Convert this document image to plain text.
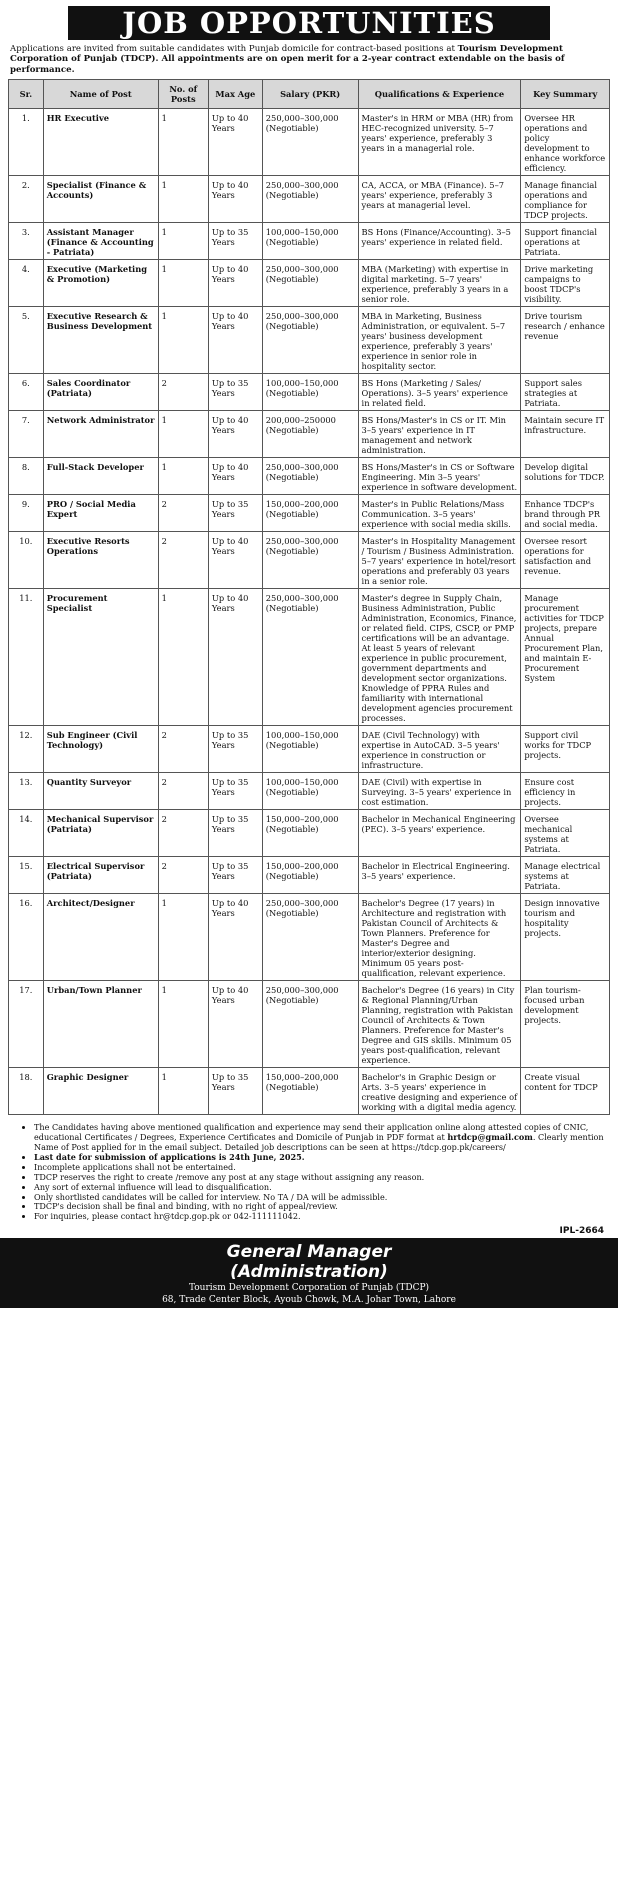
JOB OPPORTUNITIES

Applications are invited from suitable candidates with Punjab domicile for contract-based positions at Tourism Development Corporation of Punjab (TDCP). All appointments are on open merit for a 2-year contract extendable on the basis of performance.

Sr.	Name of Post	No. of Posts	Max Age	Salary (PKR)	Qualifications & Experience	Key Summary
1.	HR Executive	1	Up to 40 Years	250,000–300,000 (Negotiable)	Master's in HRM or MBA (HR) from HEC-recognized university. 5–7 years' experience, preferably 3 years in a managerial role.	Oversee HR operations and policy development to enhance workforce efficiency.
2.	Specialist (Finance & Accounts)	1	Up to 40 Years	250,000–300,000 (Negotiable)	CA, ACCA, or MBA (Finance). 5–7 years' experience, preferably 3 years at managerial level.	Manage financial operations and compliance for TDCP projects.
3.	Assistant Manager (Finance & Accounting - Patriata)	1	Up to 35 Years	100,000–150,000 (Negotiable)	BS Hons (Finance/Accounting). 3–5 years' experience in related field.	Support financial operations at Patriata.
4.	Executive (Marketing & Promotion)	1	Up to 40 Years	250,000–300,000 (Negotiable)	MBA (Marketing) with expertise in digital marketing. 5–7 years' experience, preferably 3 years in a senior role.	Drive marketing campaigns to boost TDCP's visibility.
5.	Executive Research & Business Development	1	Up to 40 Years	250,000–300,000 (Negotiable)	MBA in Marketing, Business Administration, or equivalent. 5–7 years' business development experience, preferably 3 years' experience in senior role in hospitality sector.	Drive tourism research / enhance revenue
6.	Sales Coordinator (Patriata)	2	Up to 35 Years	100,000–150,000 (Negotiable)	BS Hons (Marketing / Sales/ Operations). 3–5 years' experience in related field.	Support sales strategies at Patriata.
7.	Network Administrator	1	Up to 40 Years	200,000–250000 (Negotiable)	BS Hons/Master's in CS or IT. Min 3–5 years' experience in IT management and network administration.	Maintain secure IT infrastructure.
8.	Full-Stack Developer	1	Up to 40 Years	250,000–300,000 (Negotiable)	BS Hons/Master's in CS or Software Engineering. Min 3–5 years' experience in software development.	Develop digital solutions for TDCP.
9.	PRO / Social Media Expert	2	Up to 35 Years	150,000–200,000 (Negotiable)	Master's in Public Relations/Mass Communication. 3–5 years' experience with social media skills.	Enhance TDCP's brand through PR and social media.
10.	Executive Resorts Operations	2	Up to 40 Years	250,000–300,000 (Negotiable)	Master's in Hospitality Management / Tourism / Business Administration. 5–7 years' experience in hotel/resort operations and preferably 03 years in a senior role.	Oversee resort operations for satisfaction and revenue.
11.	Procurement Specialist	1	Up to 40 Years	250,000–300,000 (Negotiable)	Master's degree in Supply Chain, Business Administration, Public Administration, Economics, Finance, or related field. CIPS, CSCP, or PMP certifications will be an advantage. At least 5 years of relevant experience in public procurement, government departments and development sector organizations. Knowledge of PPRA Rules and familiarity with international development agencies procurement processes.	Manage procurement activities for TDCP projects, prepare Annual Procurement Plan, and maintain E-Procurement System
12.	Sub Engineer (Civil Technology)	2	Up to 35 Years	100,000–150,000 (Negotiable)	DAE (Civil Technology) with expertise in AutoCAD. 3–5 years' experience in construction or infrastructure.	Support civil works for TDCP projects.
13.	Quantity Surveyor	2	Up to 35 Years	100,000–150,000 (Negotiable)	DAE (Civil) with expertise in Surveying. 3–5 years' experience in cost estimation.	Ensure cost efficiency in projects.
14.	Mechanical Supervisor (Patriata)	2	Up to 35 Years	150,000–200,000 (Negotiable)	Bachelor in Mechanical Engineering (PEC). 3–5 years' experience.	Oversee mechanical systems at Patriata.
15.	Electrical Supervisor (Patriata)	2	Up to 35 Years	150,000–200,000 (Negotiable)	Bachelor in Electrical Engineering. 3–5 years' experience.	Manage electrical systems at Patriata.
16.	Architect/Designer	1	Up to 40 Years	250,000–300,000 (Negotiable)	Bachelor's Degree (17 years) in Architecture and registration with Pakistan Council of Architects & Town Planners. Preference for Master's Degree and interior/exterior designing. Minimum 05 years post-qualification, relevant experience.	Design innovative tourism and hospitality projects.
17.	Urban/Town Planner	1	Up to 40 Years	250,000–300,000 (Negotiable)	Bachelor's Degree (16 years) in City & Regional Planning/Urban Planning, registration with Pakistan Council of Architects & Town Planners. Preference for Master's Degree and GIS skills. Minimum 05 years post-qualification, relevant experience.	Plan tourism-focused urban development projects.
18.	Graphic Designer	1	Up to 35 Years	150,000–200,000 (Negotiable)	Bachelor's in Graphic Design or Arts. 3–5 years' experience in creative designing and experience of working with a digital media agency.	Create visual content for TDCP
• The Candidates having above mentioned qualification and experience may send their application online along attested copies of CNIC, educational Certificates / Degrees, Experience Certificates and Domicile of Punjab in PDF format at hrtdcp@gmail.com. Clearly mention Name of Post applied for in the email subject. Detailed job descriptions can be seen at https://tdcp.gop.pk/careers/
• Last date for submission of applications is 24th June, 2025.
• Incomplete applications shall not be entertained.
• TDCP reserves the right to create /remove any post at any stage without assigning any reason.
• Any sort of external influence will lead to disqualification.
• Only shortlisted candidates will be called for interview. No TA / DA will be admissible.
• TDCP's decision shall be final and binding, with no right of appeal/review.
• For inquiries, please contact hr@tdcp.gop.pk or 042-111111042.
IPL-2664
General Manager
(Administration)
Tourism Development Corporation of Punjab (TDCP)
68, Trade Center Block, Ayoub Chowk, M.A. Johar Town, Lahore
